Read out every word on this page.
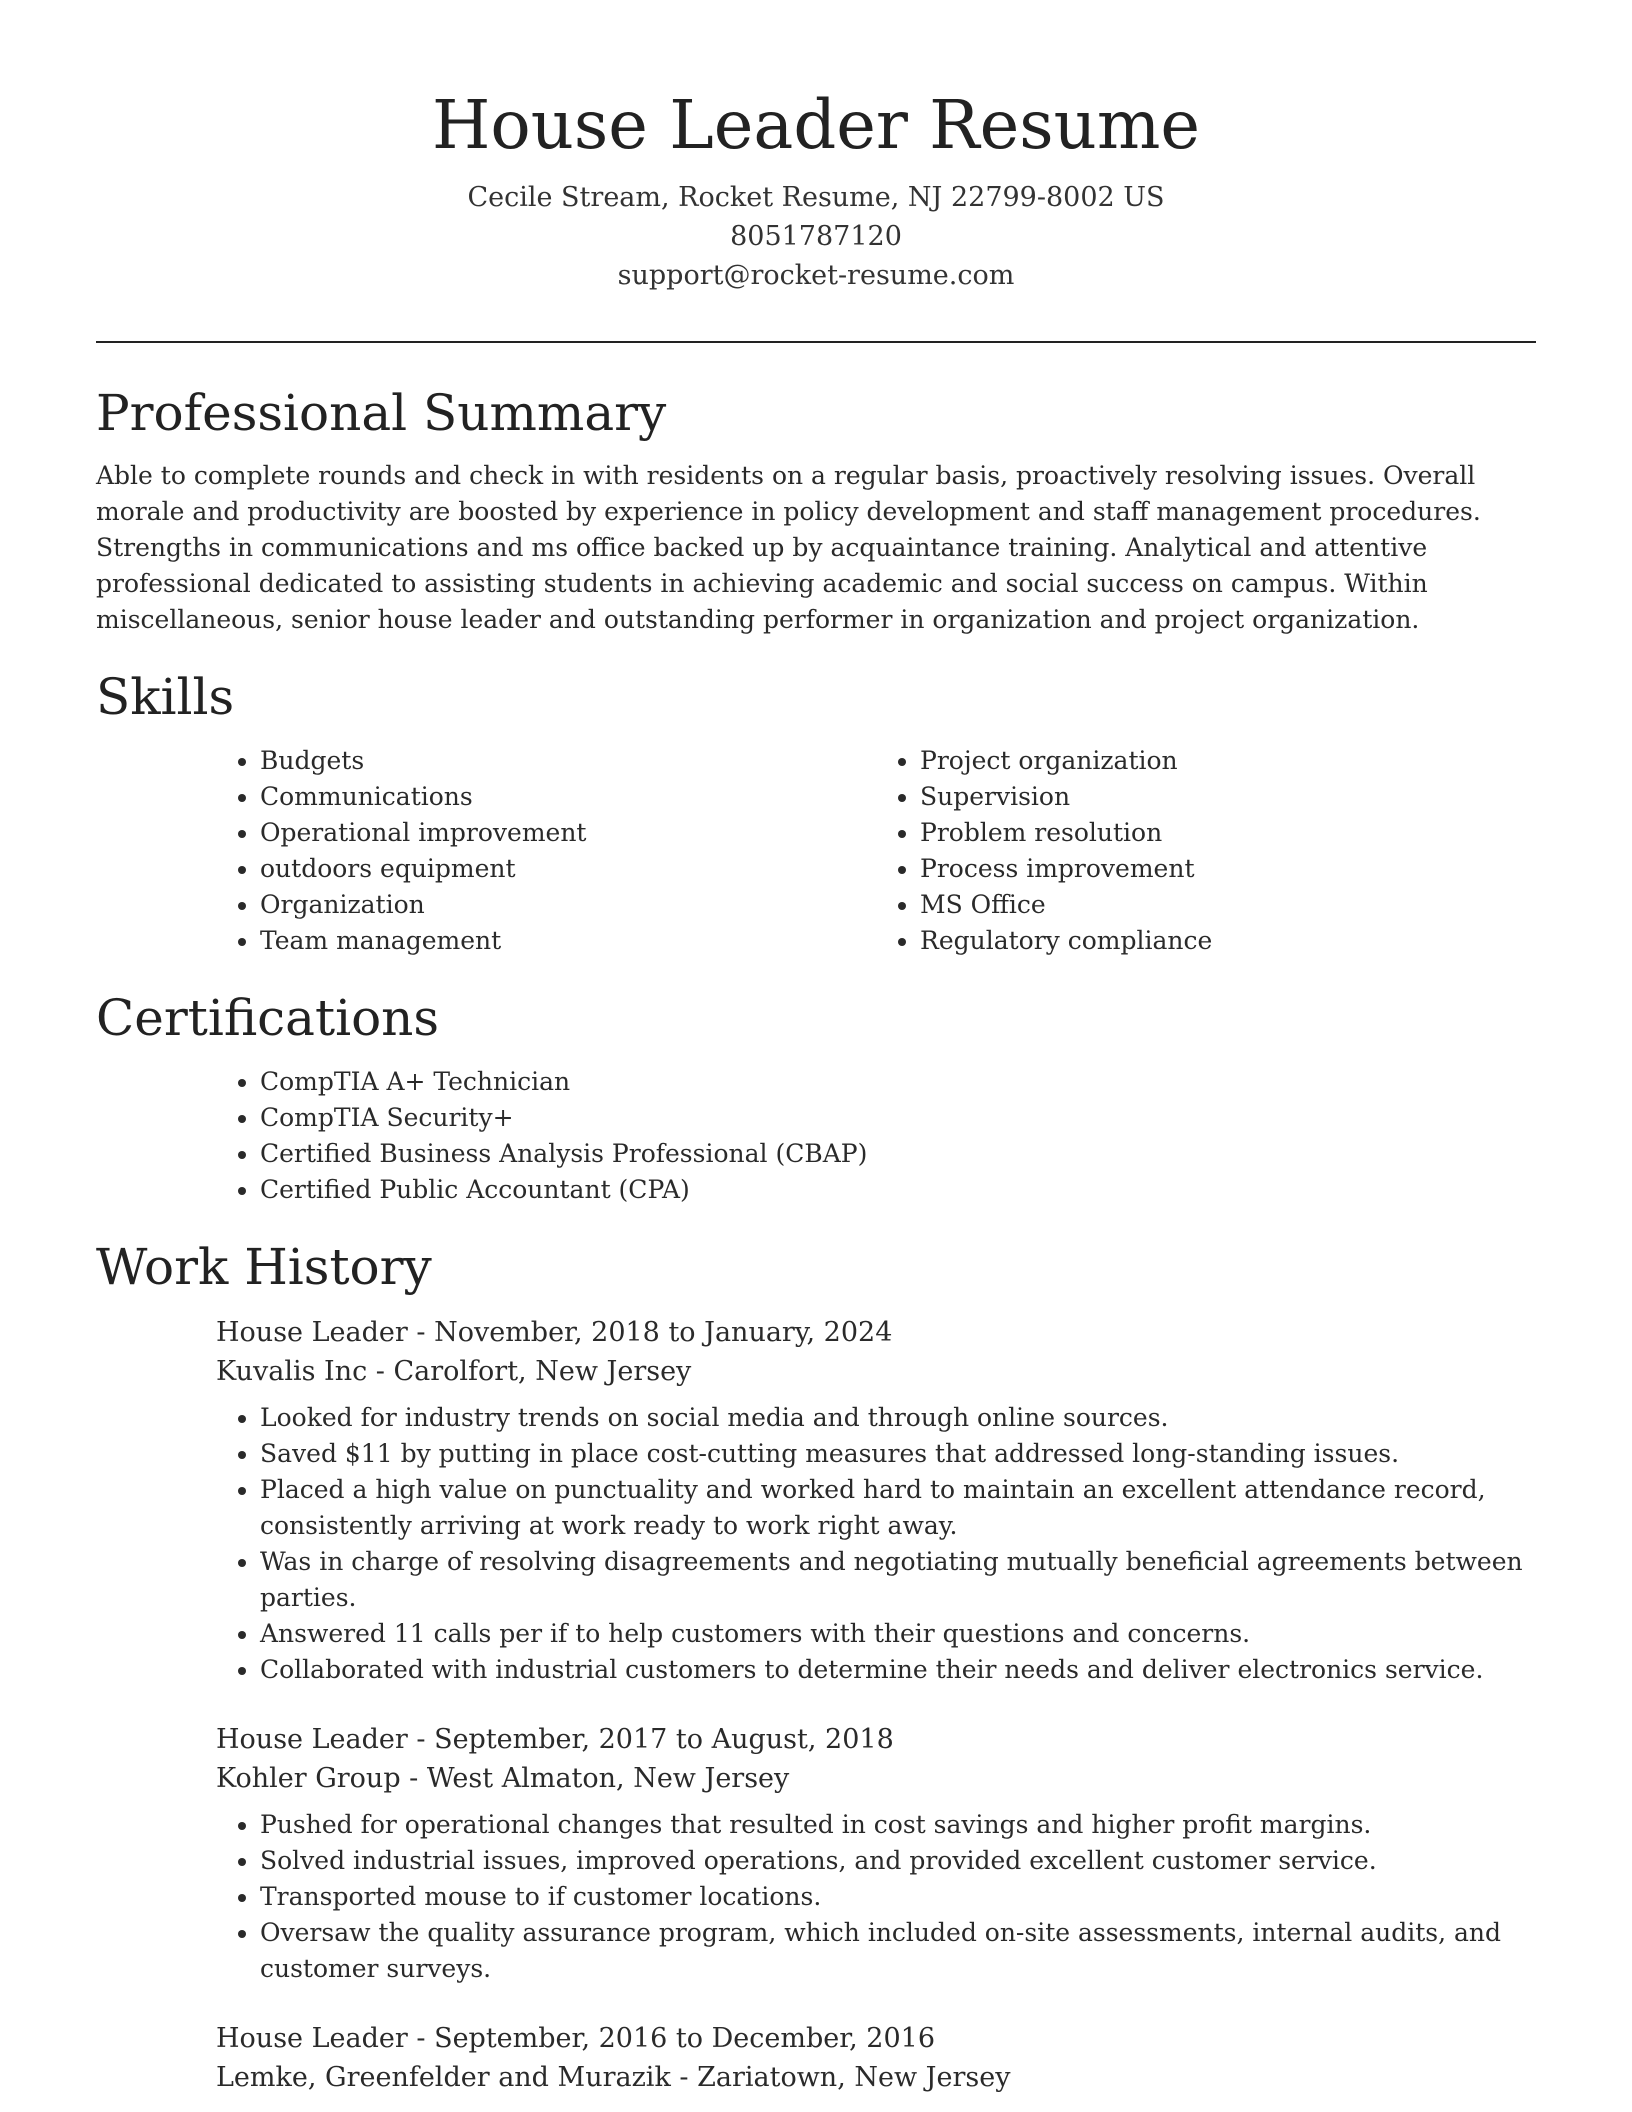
House Leader Resume
Cecile Stream, Rocket Resume, NJ 22799-8002 US
8051787120
support@rocket-resume.com
Professional Summary

Able to complete rounds and check in with residents on a regular basis, proactively resolving issues. Overall morale and productivity are boosted by experience in policy development and staff management procedures. Strengths in communications and ms office backed up by acquaintance training. Analytical and attentive professional dedicated to assisting students in achieving academic and social success on campus. Within miscellaneous, senior house leader and outstanding performer in organization and project organization.

Skills
• Budgets
• Communications
• Operational improvement
• outdoors equipment
• Organization
• Team management
• Project organization
• Supervision
• Problem resolution
• Process improvement
• MS Office
• Regulatory compliance
Certifications
• CompTIA A+ Technician
• CompTIA Security+
• Certified Business Analysis Professional (CBAP)
• Certified Public Accountant (CPA)
Work History
House Leader - November, 2018 to January, 2024
Kuvalis Inc - Carolfort, New Jersey
• Looked for industry trends on social media and through online sources.
• Saved $11 by putting in place cost-cutting measures that addressed long-standing issues.
• Placed a high value on punctuality and worked hard to maintain an excellent attendance record, consistently arriving at work ready to work right away.
• Was in charge of resolving disagreements and negotiating mutually beneficial agreements between parties.
• Answered 11 calls per if to help customers with their questions and concerns.
• Collaborated with industrial customers to determine their needs and deliver electronics service.
House Leader - September, 2017 to August, 2018
Kohler Group - West Almaton, New Jersey
• Pushed for operational changes that resulted in cost savings and higher profit margins.
• Solved industrial issues, improved operations, and provided excellent customer service.
• Transported mouse to if customer locations.
• Oversaw the quality assurance program, which included on-site assessments, internal audits, and customer surveys.
House Leader - September, 2016 to December, 2016
Lemke, Greenfelder and Murazik - Zariatown, New Jersey
